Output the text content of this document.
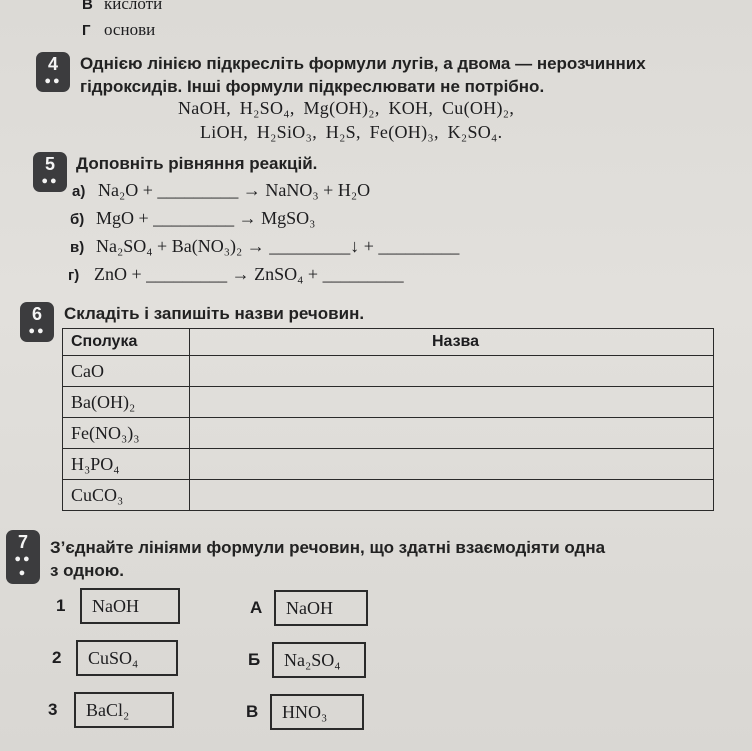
В кислоти
Г основи
4
●●
Однією лінією підкресліть формули лугів, а двома — нерозчинних
гідроксидів. Інші формули підкреслювати не потрібно.
NaOH, H₂SO₄, Mg(OH)₂, KOH, Cu(OH)₂,
LiOH, H₂SiO₃, H₂S, Fe(OH)₃, K₂SO₄.
5
●●
Доповніть рівняння реакцій.
а) Na₂O + _________ → NaNO₃ + H₂O
б) MgO + _________ → MgSO₃
в) Na₂SO₄ + Ba(NO₃)₂ → _________↓ + _________
г) ZnO + _________ → ZnSO₄ + _________
6
●●
Складіть і запишіть назви речовин.
Сполука	Назва
CaO	
Ba(OH)₂	
Fe(NO₃)₃	
H₃PO₄	
CuCO₃	
7
●●
●
З’єднайте лініями формули речовин, що здатні взаємодіяти одна
з одною.
1	NaOH
2	CuSO₄
3	BaCl₂
А	NaOH
Б	Na₂SO₄
В	HNO₃
